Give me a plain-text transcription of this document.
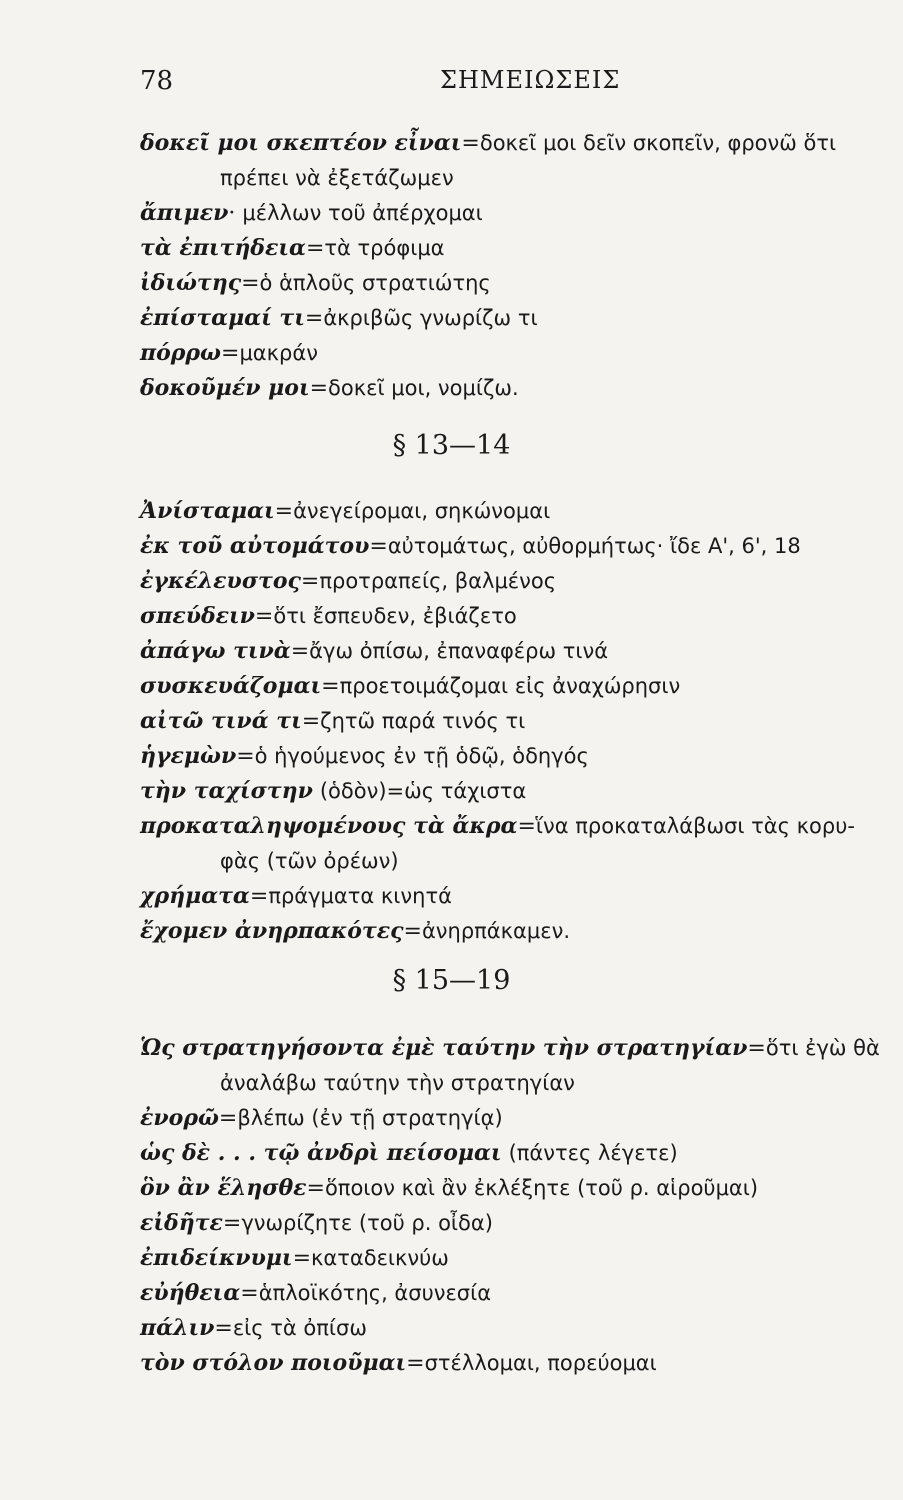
78	ΣΗΜΕΙΩΣΕΙΣ
δοκεῖ μοι σκεπτέον εἶναι=δοκεῖ μοι δεῖν σκοπεῖν, φρονῶ ὅτι
πρέπει νὰ ἐξετάζωμεν
ἄπιμεν· μέλλων τοῦ ἀπέρχομαι
τὰ ἐπιτήδεια=τὰ τρόφιμα
ἰδιώτης=ὁ ἁπλοῦς στρατιώτης
ἐπίσταμαί τι=ἀκριβῶς γνωρίζω τι
πόρρω=μακράν
δοκοῦμέν μοι=δοκεῖ μοι, νομίζω.
§ 13—14
Ἀνίσταμαι=ἀνεγείρομαι, σηκώνομαι
ἐκ τοῦ αὐτομάτου=αὐτομάτως, αὐθορμήτως· ἴδε Α', 6', 18
ἐγκέλευστος=προτραπείς, βαλμένος
σπεύδειν=ὅτι ἔσπευδεν, ἐβιάζετο
ἀπάγω τινὰ=ἄγω ὀπίσω, ἐπαναφέρω τινά
συσκευάζομαι=προετοιμάζομαι εἰς ἀναχώρησιν
αἰτῶ τινά τι=ζητῶ παρά τινός τι
ἡγεμὼν=ὁ ἡγούμενος ἐν τῇ ὁδῷ, ὁδηγός
τὴν ταχίστην (ὁδὸν)=ὡς τάχιστα
προκαταληψομένους τὰ ἄκρα=ἵνα προκαταλάβωσι τὰς κορυ-
φὰς (τῶν ὀρέων)
χρήματα=πράγματα κινητά
ἔχομεν ἀνηρπακότες=ἀνηρπάκαμεν.
§ 15—19
Ὡς στρατηγήσοντα ἐμὲ ταύτην τὴν στρατηγίαν=ὅτι ἐγὼ θὰ
ἀναλάβω ταύτην τὴν στρατηγίαν
ἐνορῶ=βλέπω (ἐν τῇ στρατηγίᾳ)
ὡς δὲ . . . τῷ ἀνδρὶ πείσομαι (πάντες λέγετε)
ὃν ἂν ἕλησθε=ὅποιον καὶ ἂν ἐκλέξητε (τοῦ ρ. αἱροῦμαι)
εἰδῆτε=γνωρίζητε (τοῦ ρ. οἶδα)
ἐπιδείκνυμι=καταδεικνύω
εὐήθεια=ἁπλοϊκότης, ἀσυνεσία
πάλιν=εἰς τὰ ὀπίσω
τὸν στόλον ποιοῦμαι=στέλλομαι, πορεύομαι
